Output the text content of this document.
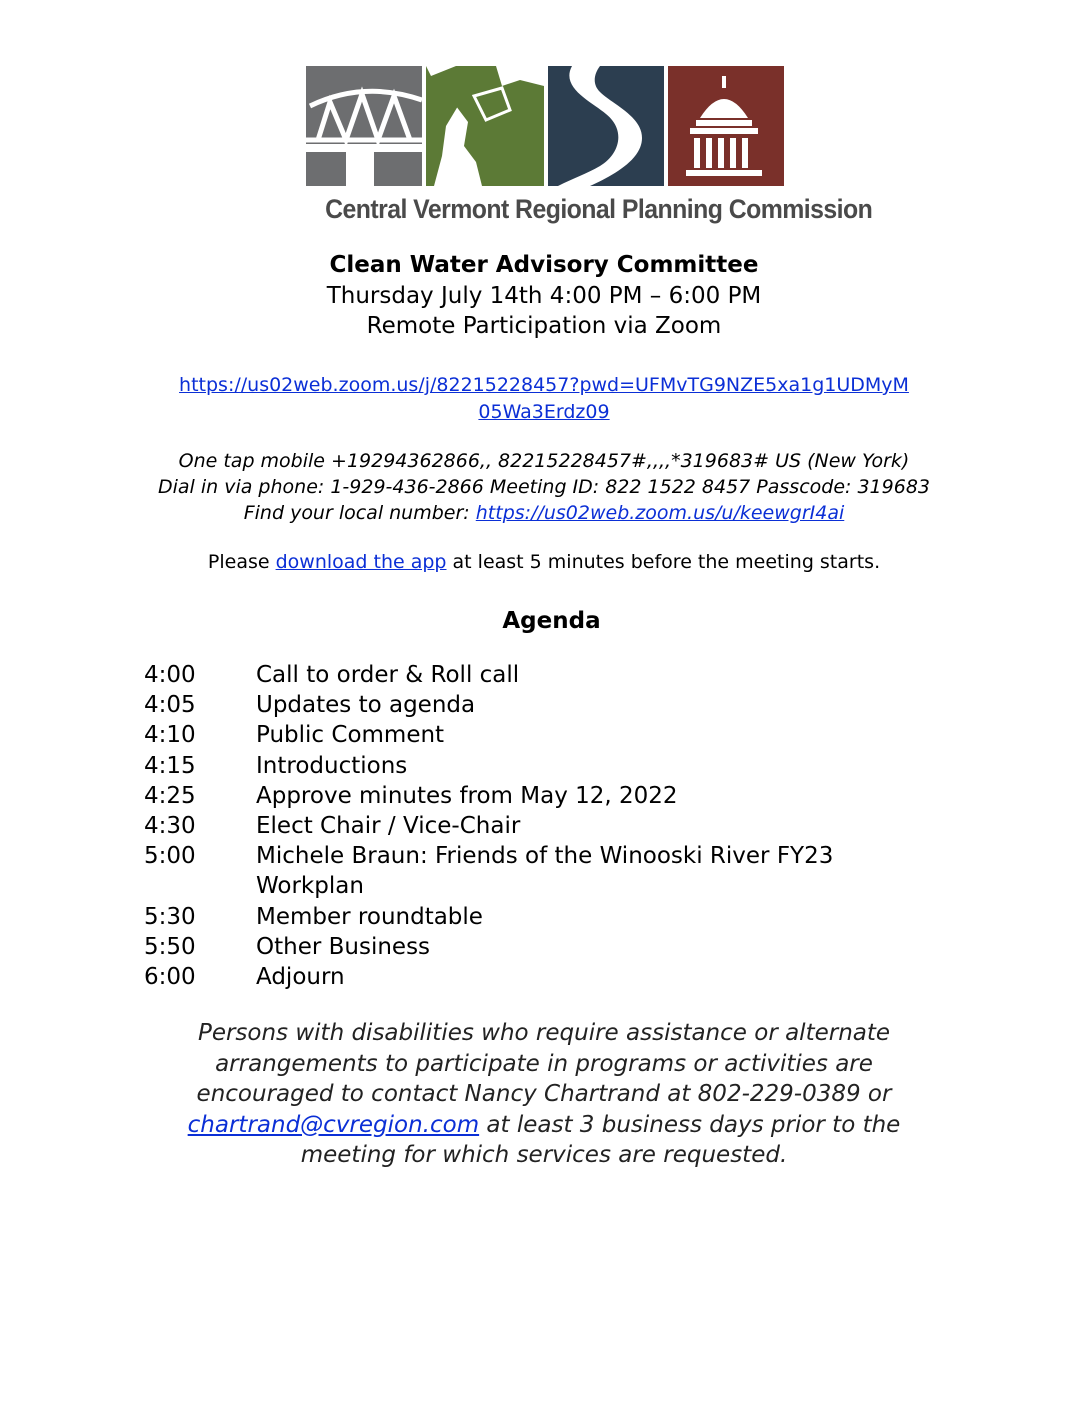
Central Vermont Regional Planning Commission
Clean Water Advisory Committee
Thursday July 14th 4:00 PM – 6:00 PM
Remote Participation via Zoom
https://us02web.zoom.us/j/82215228457?pwd=UFMvTG9NZE5xa1g1UDMyM
05Wa3Erdz09
One tap mobile +19294362866,, 82215228457#,,,,*319683# US (New York)
Dial in via phone: 1-929-436-2866 Meeting ID: 822 1522 8457 Passcode: 319683
Find your local number: https://us02web.zoom.us/u/keewgrI4ai
Please download the app at least 5 minutes before the meeting starts.
Agenda
4:00	Call to order & Roll call
4:05	Updates to agenda
4:10	Public Comment
4:15	Introductions
4:25	Approve minutes from May 12, 2022
4:30	Elect Chair / Vice-Chair
5:00	Michele Braun: Friends of the Winooski River FY23 Workplan
5:30	Member roundtable
5:50	Other Business
6:00	Adjourn
Persons with disabilities who require assistance or alternate
arrangements to participate in programs or activities are
encouraged to contact Nancy Chartrand at 802-229-0389 or
chartrand@cvregion.com at least 3 business days prior to the
meeting for which services are requested.
